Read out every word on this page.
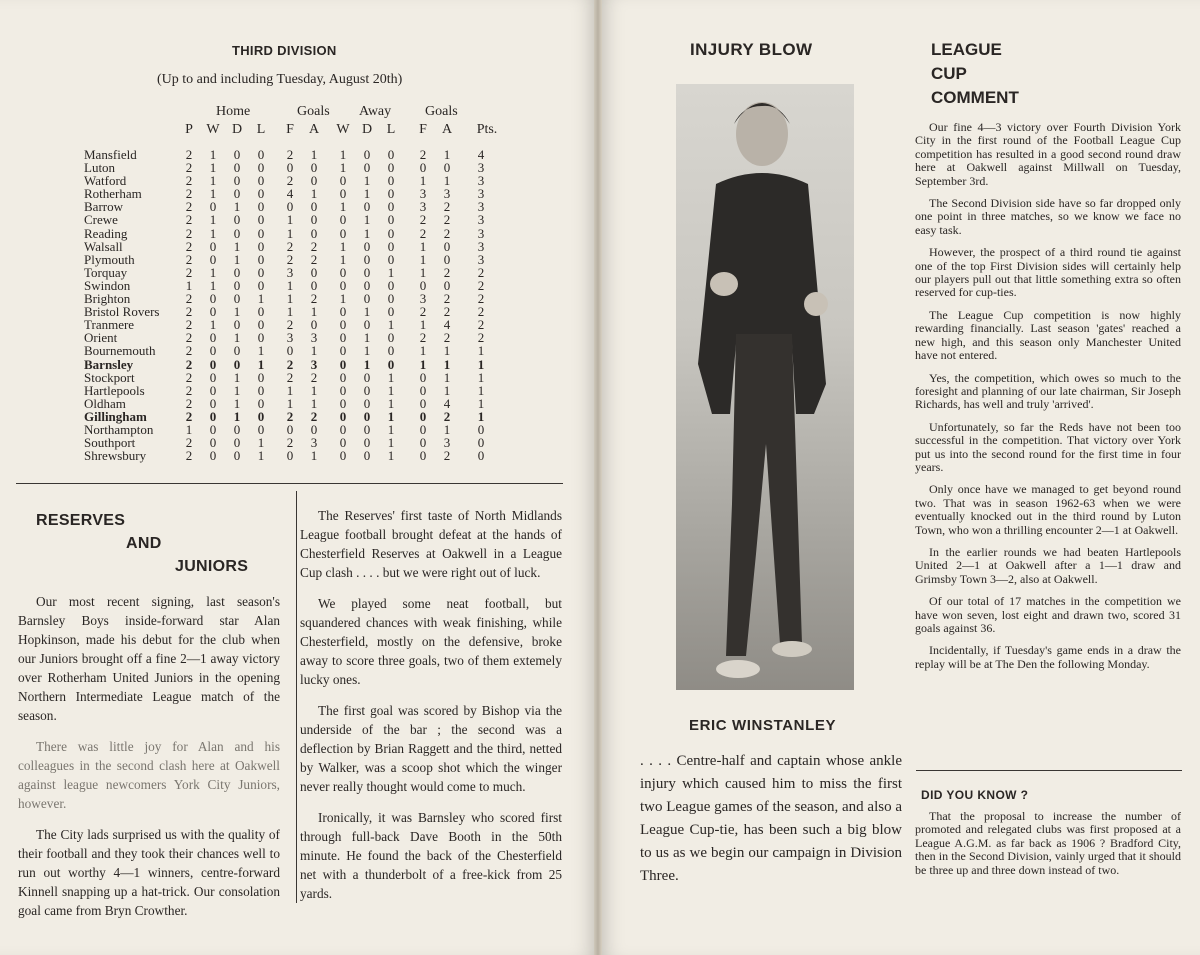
THIRD DIVISION
(Up to and including Tuesday, August 20th)
Home	Goals Away Goals
P W D L F A W D L F A	Pts.
Mansfield
Luton
Watford
Rotherham
Barrow
Crewe
Reading
Walsall
Plymouth
Torquay
Swindon
Brighton
Bristol Rovers
Tranmere
Orient
Bournemouth
Barnsley
Stockport
Hartlepools
Oldham
Gillingham
Northampton
Southport
Shrewsbury
2 1 0 0 2 1 1 0 0 2 1 4
2 1 0 0 0 0 1 0 0 0 0 3
2 1 0 0 2 0 0 1 0 1 1 3
2 1 0 0 4 1 0 1 0 3 3 3
2 0 1 0 0 0 1 0 0 3 2 3
2 1 0 0 1 0 0 1 0 2 2 3
2 1 0 0 1 0 0 1 0 2 2 3
2 0 1 0 2 2 1 0 0 1 0 3
2 0 1 0 2 2 1 0 0 1 0 3
2 1 0 0 3 0 0 0 1 1 2 2
1 1 0 0 1 0 0 0 0 0 0 2
2 0 0 1 1 2 1 0 0 3 2 2
2 0 1 0 1 1 0 1 0 2 2 2
2 1 0 0 2 0 0 0 1 1 4 2
2 0 1 0 3 3 0 1 0 2 2 2
2 0 0 1 0 1 0 1 0 1 1 1
2 0 0 1 2 3 0 1 0 1 1 1
2 0 1 0 2 2 0 0 1 0 1 1
2 0 1 0 1 1 0 0 1 0 1 1
2 0 1 0 1 1 0 0 1 0 4 1
2 0 1 0 2 2 0 0 1 0 2 1
1 0 0 0 0 0 0 0 1 0 1 0
2 0 0 1 2 3 0 0 1 0 3 0
2 0 0 1 0 1 0 0 1 0 2 0
RESERVES
AND
JUNIORS

Our most recent signing, last season's Barnsley Boys inside-forward star Alan Hopkinson, made his debut for the club when our Juniors brought off a fine 2—1 away victory over Rotherham United Juniors in the opening Northern Intermediate League match of the season.

There was little joy for Alan and his colleagues in the second clash here at Oakwell against league newcomers York City Juniors, however.

The City lads surprised us with the quality of their football and they took their chances well to run out worthy 4—1 winners, centre-forward Kinnell snapping up a hat-trick. Our consolation goal came from Bryn Crowther.

The Reserves' first taste of North Midlands League football brought defeat at the hands of Chesterfield Reserves at Oakwell in a League Cup clash . . . . but we were right out of luck.

We played some neat football, but squandered chances with weak finishing, while Chesterfield, mostly on the defensive, broke away to score three goals, two of them extemely lucky ones.

The first goal was scored by Bishop via the underside of the bar ; the second was a deflection by Brian Raggett and the third, netted by Walker, was a scoop shot which the winger never really thought would come to much.

Ironically, it was Barnsley who scored first through full-back Dave Booth in the 50th minute. He found the back of the Chesterfield net with a thunderbolt of a free-kick from 25 yards.

INJURY BLOW
ERIC WINSTANLEY
. . . . Centre-half and captain whose ankle injury which caused him to miss the first two League games of the season, and also a League Cup-tie, has been such a big blow to us as we begin our campaign in Division Three.
LEAGUE
CUP
COMMENT

Our fine 4—3 victory over Fourth Division York City in the first round of the Football League Cup competition has resulted in a good second round draw here at Oakwell against Millwall on Tuesday, September 3rd.

The Second Division side have so far dropped only one point in three matches, so we know we face no easy task.

However, the prospect of a third round tie against one of the top First Division sides will certainly help our players pull out that little something extra so often reserved for cup-ties.

The League Cup competition is now highly rewarding financially. Last season 'gates' reached a new high, and this season only Manchester United have not entered.

Yes, the competition, which owes so much to the foresight and planning of our late chairman, Sir Joseph Richards, has well and truly 'arrived'.

Unfortunately, so far the Reds have not been too successful in the competition. That victory over York put us into the second round for the first time in four years.

Only once have we managed to get beyond round two. That was in season 1962-63 when we were eventually knocked out in the third round by Luton Town, who won a thrilling encounter 2—1 at Oakwell.

In the earlier rounds we had beaten Hartlepools United 2—1 at Oakwell after a 1—1 draw and Grimsby Town 3—2, also at Oakwell.

Of our total of 17 matches in the competition we have won seven, lost eight and drawn two, scored 31 goals against 36.

Incidentally, if Tuesday's game ends in a draw the replay will be at The Den the following Monday.

DID YOU KNOW ?

That the proposal to increase the number of promoted and relegated clubs was first proposed at a League A.G.M. as far back as 1906 ? Bradford City, then in the Second Division, vainly urged that it should be three up and three down instead of two.
